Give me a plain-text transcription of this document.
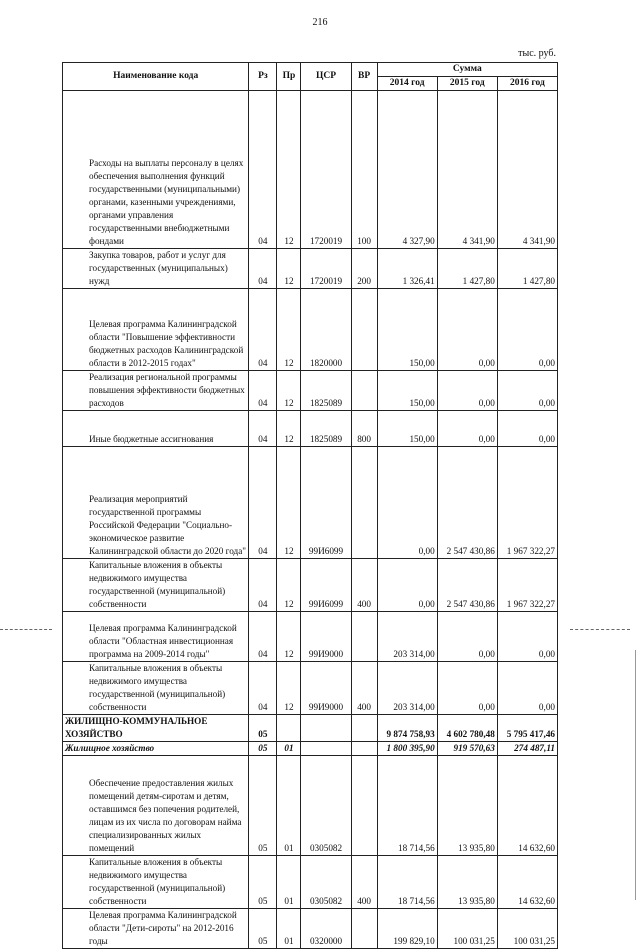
216
тыс. руб.
Наименование кода	Рз	Пр	ЦСР	ВР	Сумма		
					2014 год	2015 год	2016 год

Расходы на выплаты персоналу в целях обеспечения выполнения функций государственными (муниципальными) органами, казенными учреждениями, органами управления государственными внебюджетными фондами	04	12	1720019	100	4 327,90	4 341,90	4 341,90

Закупка товаров, работ и услуг для государственных (муниципальных) нужд	04	12	1720019	200	1 326,41	1 427,80	1 427,80

Целевая программа Калининградской области "Повышение эффективности бюджетных расходов Калининградской области в 2012-2015 годах"	04	12	1820000		150,00	0,00	0,00

Реализация региональной программы повышения эффективности бюджетных расходов	04	12	1825089		150,00	0,00	0,00

Иные бюджетные ассигнования	04	12	1825089	800	150,00	0,00	0,00

Реализация мероприятий государственной программы Российской Федерации "Социально-экономическое развитие Калининградской области до 2020 года"	04	12	99И6099		0,00	2 547 430,86	1 967 322,27

Капитальные вложения в объекты недвижимого имущества государственной (муниципальной) собственности	04	12	99И6099	400	0,00	2 547 430,86	1 967 322,27

Целевая программа Калининградской области "Областная инвестиционная программа на 2009-2014 годы"	04	12	99И9000		203 314,00	0,00	0,00

Капитальные вложения в объекты недвижимого имущества государственной (муниципальной) собственности	04	12	99И9000	400	203 314,00	0,00	0,00

ЖИЛИЩНО-КОММУНАЛЬНОЕ ХОЗЯЙСТВО	05				9 874 758,93	4 602 780,48	5 795 417,46

Жилищное хозяйство	05	01			1 800 395,90	919 570,63	274 487,11

Обеспечение предоставления жилых помещений детям-сиротам и детям, оставшимся без попечения родителей, лицам из их числа по договорам найма специализированных жилых помещений	05	01	0305082		18 714,56	13 935,80	14 632,60

Капитальные вложения в объекты недвижимого имущества государственной (муниципальной) собственности	05	01	0305082	400	18 714,56	13 935,80	14 632,60

Целевая программа Калининградской области "Дети-сироты" на 2012-2016 годы	05	01	0320000		199 829,10	100 031,25	100 031,25
